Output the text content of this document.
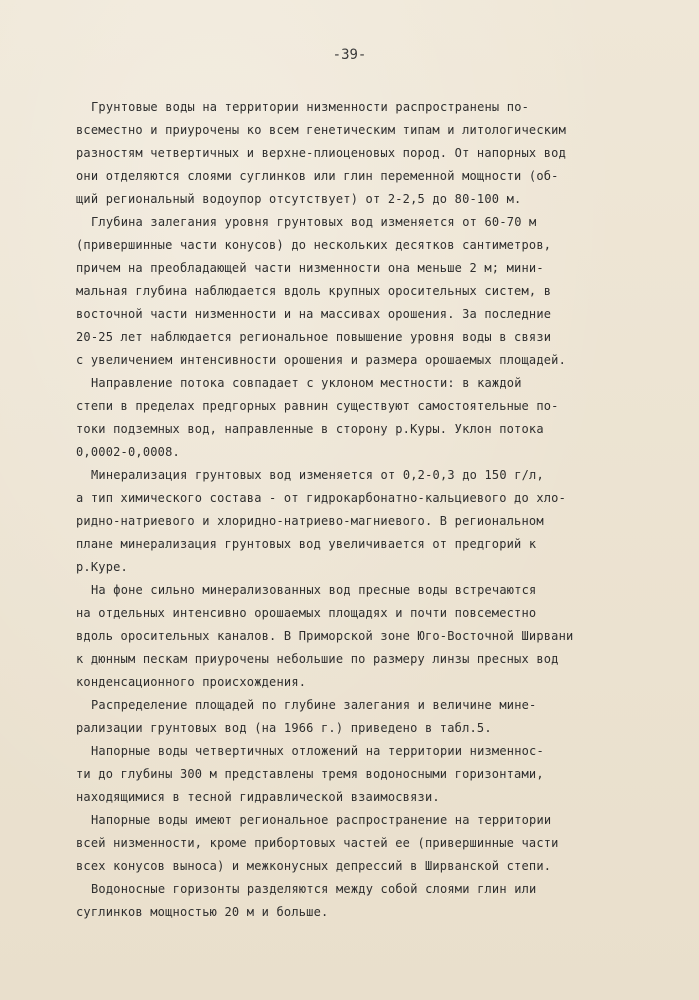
-39-
Грунтовые воды на территории низменности распространены по-
всеместно и приурочены ко всем генетическим типам и литологическим
разностям четвертичных и верхне-плиоценовых пород. От напорных вод
они отделяются слоями суглинков или глин переменной мощности (об-
щий региональный водоупор отсутствует) от 2-2,5 до 80-100 м.
Глубина залегания уровня грунтовых вод изменяется от 60-70 м
(привершинные части конусов) до нескольких десятков сантиметров,
причем на преобладающей части низменности она меньше 2 м; мини-
мальная глубина наблюдается вдоль крупных оросительных систем, в
восточной части низменности и на массивах орошения. За последние
20-25 лет наблюдается региональное повышение уровня воды в связи
с увеличением интенсивности орошения и размера орошаемых площадей.
Направление потока совпадает с уклоном местности: в каждой
степи в пределах предгорных равнин существуют самостоятельные по-
токи подземных вод, направленные в сторону р.Куры. Уклон потока
0,0002-0,0008.
Минерализация грунтовых вод изменяется от 0,2-0,3 до 150 г/л,
а тип химического состава - от гидрокарбонатно-кальциевого до хло-
ридно-натриевого и хлоридно-натриево-магниевого. В региональном
плане минерализация грунтовых вод увеличивается от предгорий к
р.Куре.
На фоне сильно минерализованных вод пресные воды встречаются
на отдельных интенсивно орошаемых площадях и почти повсеместно
вдоль оросительных каналов. В Приморской зоне Юго-Восточной Ширвани
к дюнным пескам приурочены небольшие по размеру линзы пресных вод
конденсационного происхождения.
Распределение площадей по глубине залегания и величине мине-
рализации грунтовых вод (на 1966 г.) приведено в табл.5.
Напорные воды четвертичных отложений на территории низменнос-
ти до глубины 300 м представлены тремя водоносными горизонтами,
находящимися в тесной гидравлической взаимосвязи.
Напорные воды имеют региональное распространение на территории
всей низменности, кроме прибортовых частей ее (привершинные части
всех конусов выноса) и межконусных депрессий в Ширванской степи.
Водоносные горизонты разделяются между собой слоями глин или
суглинков мощностью 20 м и больше.
